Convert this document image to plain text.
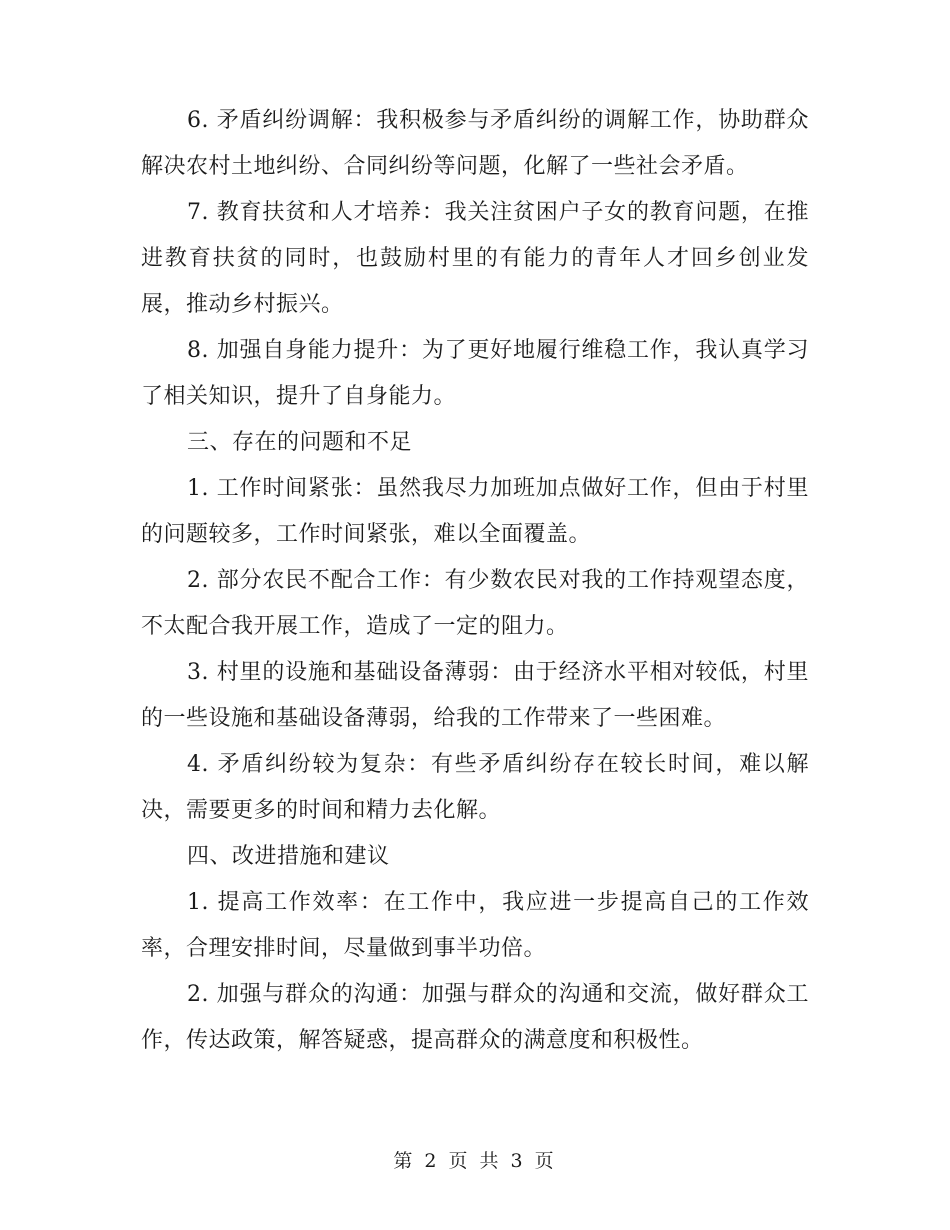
6. 矛盾纠纷调解：我积极参与矛盾纠纷的调解工作，协助群众解决农村土地纠纷、合同纠纷等问题，化解了一些社会矛盾。

7. 教育扶贫和人才培养：我关注贫困户子女的教育问题，在推进教育扶贫的同时，也鼓励村里的有能力的青年人才回乡创业发展，推动乡村振兴。

8. 加强自身能力提升：为了更好地履行维稳工作，我认真学习了相关知识，提升了自身能力。

三、存在的问题和不足

1. 工作时间紧张：虽然我尽力加班加点做好工作，但由于村里的问题较多，工作时间紧张，难以全面覆盖。

2. 部分农民不配合工作：有少数农民对我的工作持观望态度，不太配合我开展工作，造成了一定的阻力。

3. 村里的设施和基础设备薄弱：由于经济水平相对较低，村里的一些设施和基础设备薄弱，给我的工作带来了一些困难。

4. 矛盾纠纷较为复杂：有些矛盾纠纷存在较长时间，难以解决，需要更多的时间和精力去化解。

四、改进措施和建议

1. 提高工作效率：在工作中，我应进一步提高自己的工作效率，合理安排时间，尽量做到事半功倍。

2. 加强与群众的沟通：加强与群众的沟通和交流，做好群众工作，传达政策，解答疑惑，提高群众的满意度和积极性。

第 2 页 共 3 页
